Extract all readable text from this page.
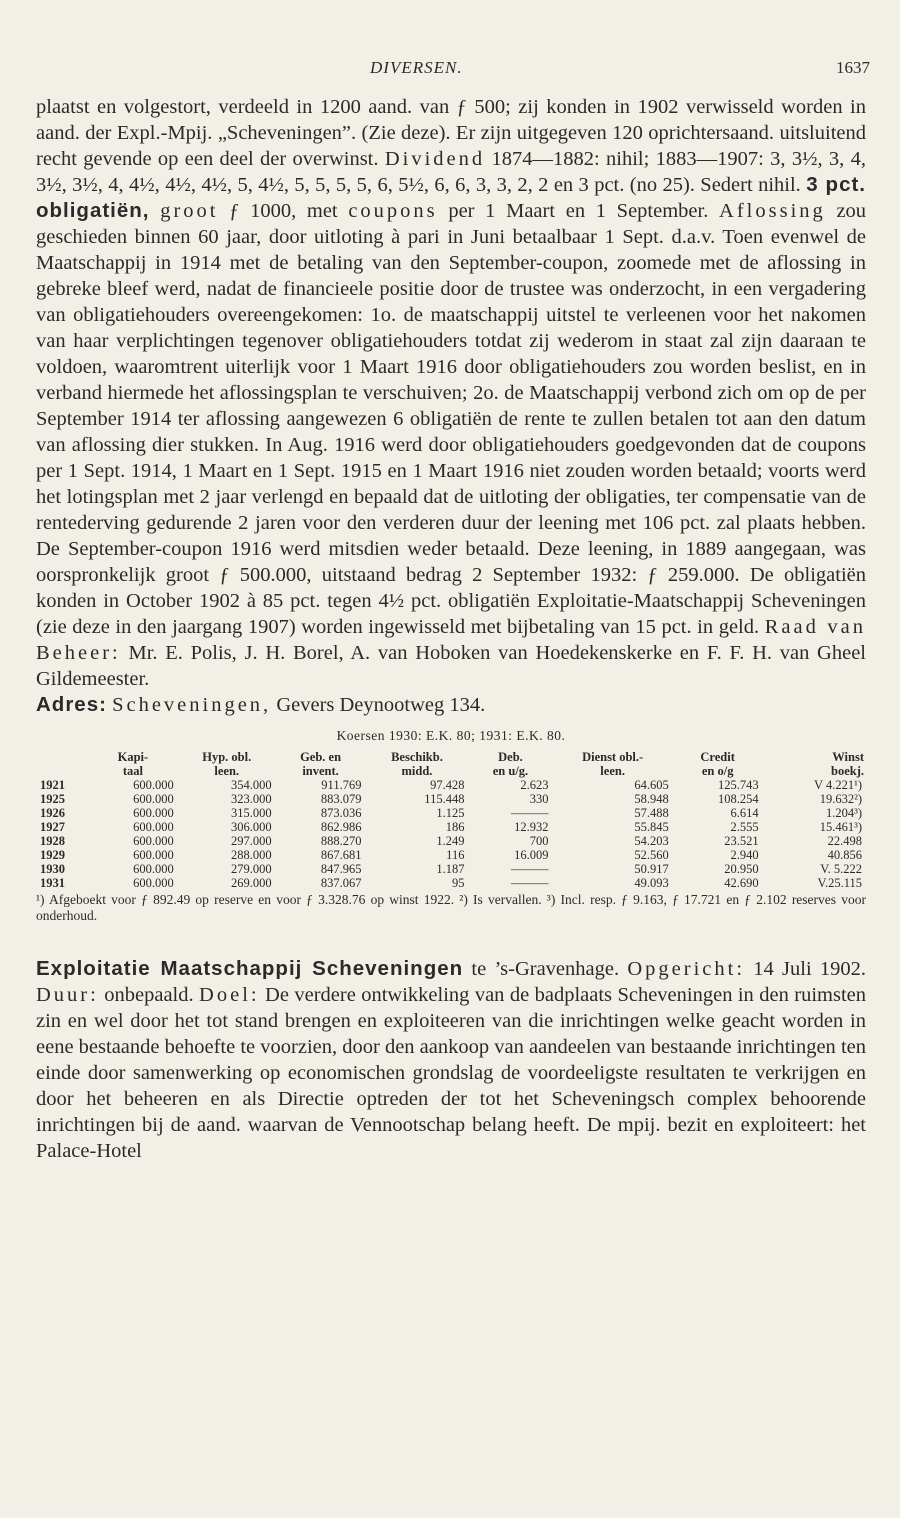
DIVERSEN.	1637

plaatst en volgestort, verdeeld in 1200 aand. van ƒ 500; zij konden in 1902 verwisseld worden in aand. der Expl.-Mpij. „Scheveningen”. (Zie deze). Er zijn uitgegeven 120 oprichtersaand. uitsluitend recht gevende op een deel der overwinst. Dividend 1874—1882: nihil; 1883—1907: 3, 3½, 3, 4, 3½, 3½, 4, 4½, 4½, 4½, 5, 4½, 5, 5, 5, 5, 6, 5½, 6, 6, 3, 3, 2, 2 en 3 pct. (no 25). Sedert nihil. 3 pct. obligatiën, groot ƒ 1000, met coupons per 1 Maart en 1 September. Aflossing zou geschieden binnen 60 jaar, door uitloting à pari in Juni betaalbaar 1 Sept. d.a.v. Toen evenwel de Maatschappij in 1914 met de betaling van den September-coupon, zoomede met de aflossing in gebreke bleef werd, nadat de financieele positie door de trustee was onderzocht, in een vergadering van obligatiehouders overeengekomen: 1o. de maatschappij uitstel te verleenen voor het nakomen van haar verplichtingen tegenover obligatiehouders totdat zij wederom in staat zal zijn daaraan te voldoen, waaromtrent uiterlijk voor 1 Maart 1916 door obligatiehouders zou worden beslist, en in verband hiermede het aflossingsplan te verschuiven; 2o. de Maatschappij verbond zich om op de per September 1914 ter aflossing aangewezen 6 obligatiën de rente te zullen betalen tot aan den datum van aflossing dier stukken. In Aug. 1916 werd door obligatiehouders goedgevonden dat de coupons per 1 Sept. 1914, 1 Maart en 1 Sept. 1915 en 1 Maart 1916 niet zouden worden betaald; voorts werd het lotingsplan met 2 jaar verlengd en bepaald dat de uitloting der obligaties, ter compensatie van de rentederving gedurende 2 jaren voor den verderen duur der leening met 106 pct. zal plaats hebben. De September-coupon 1916 werd mitsdien weder betaald. Deze leening, in 1889 aangegaan, was oorspronkelijk groot ƒ 500.000, uitstaand bedrag 2 September 1932: ƒ 259.000. De obligatiën konden in October 1902 à 85 pct. tegen 4½ pct. obligatiën Exploitatie-Maatschappij Scheveningen (zie deze in den jaargang 1907) worden ingewisseld met bijbetaling van 15 pct. in geld. Raad van Beheer: Mr. E. Polis, J. H. Borel, A. van Hoboken van Hoedekenskerke en F. F. H. van Gheel Gildemeester.

Adres: Scheveningen, Gevers Deynootweg 134.

Koersen 1930: E.K. 80; 1931: E.K. 80.
	Kapi-	Hyp. obl.	Geb. en	Beschikb.	Deb.	Dienst obl.-	Credit	Winst
	taal	leen.	invent.	midd.	en u/g.	leen.	en o/g	boekj.
1921	600.000	354.000	911.769	97.428	2.623	64.605	125.743	V 4.221¹)
1925	600.000	323.000	883.079	115.448	330	58.948	108.254	19.632²)
1926	600.000	315.000	873.036	1.125	———	57.488	6.614	1.204³)
1927	600.000	306.000	862.986	186	12.932	55.845	2.555	15.461³)
1928	600.000	297.000	888.270	1.249	700	54.203	23.521	22.498
1929	600.000	288.000	867.681	116	16.009	52.560	2.940	40.856
1930	600.000	279.000	847.965	1.187	———	50.917	20.950	V. 5.222
1931	600.000	269.000	837.067	95	———	49.093	42.690	V.25.115
¹) Afgeboekt voor ƒ 892.49 op reserve en voor ƒ 3.328.76 op winst 1922. ²) Is vervallen. ³) Incl. resp. ƒ 9.163, ƒ 17.721 en ƒ 2.102 reserves voor onderhoud.

Exploitatie Maatschappij Scheveningen te ’s-Gravenhage. Opgericht: 14 Juli 1902. Duur: onbepaald. Doel: De verdere ontwikkeling van de badplaats Scheveningen in den ruimsten zin en wel door het tot stand brengen en exploiteeren van die inrichtingen welke geacht worden in eene bestaande behoefte te voorzien, door den aankoop van aandeelen van bestaande inrichtingen ten einde door samenwerking op economischen grondslag de voordeeligste resultaten te verkrijgen en door het beheeren en als Directie optreden der tot het Scheveningsch complex behoorende inrichtingen bij de aand. waarvan de Vennootschap belang heeft. De mpij. bezit en exploiteert: het Palace-Hotel
